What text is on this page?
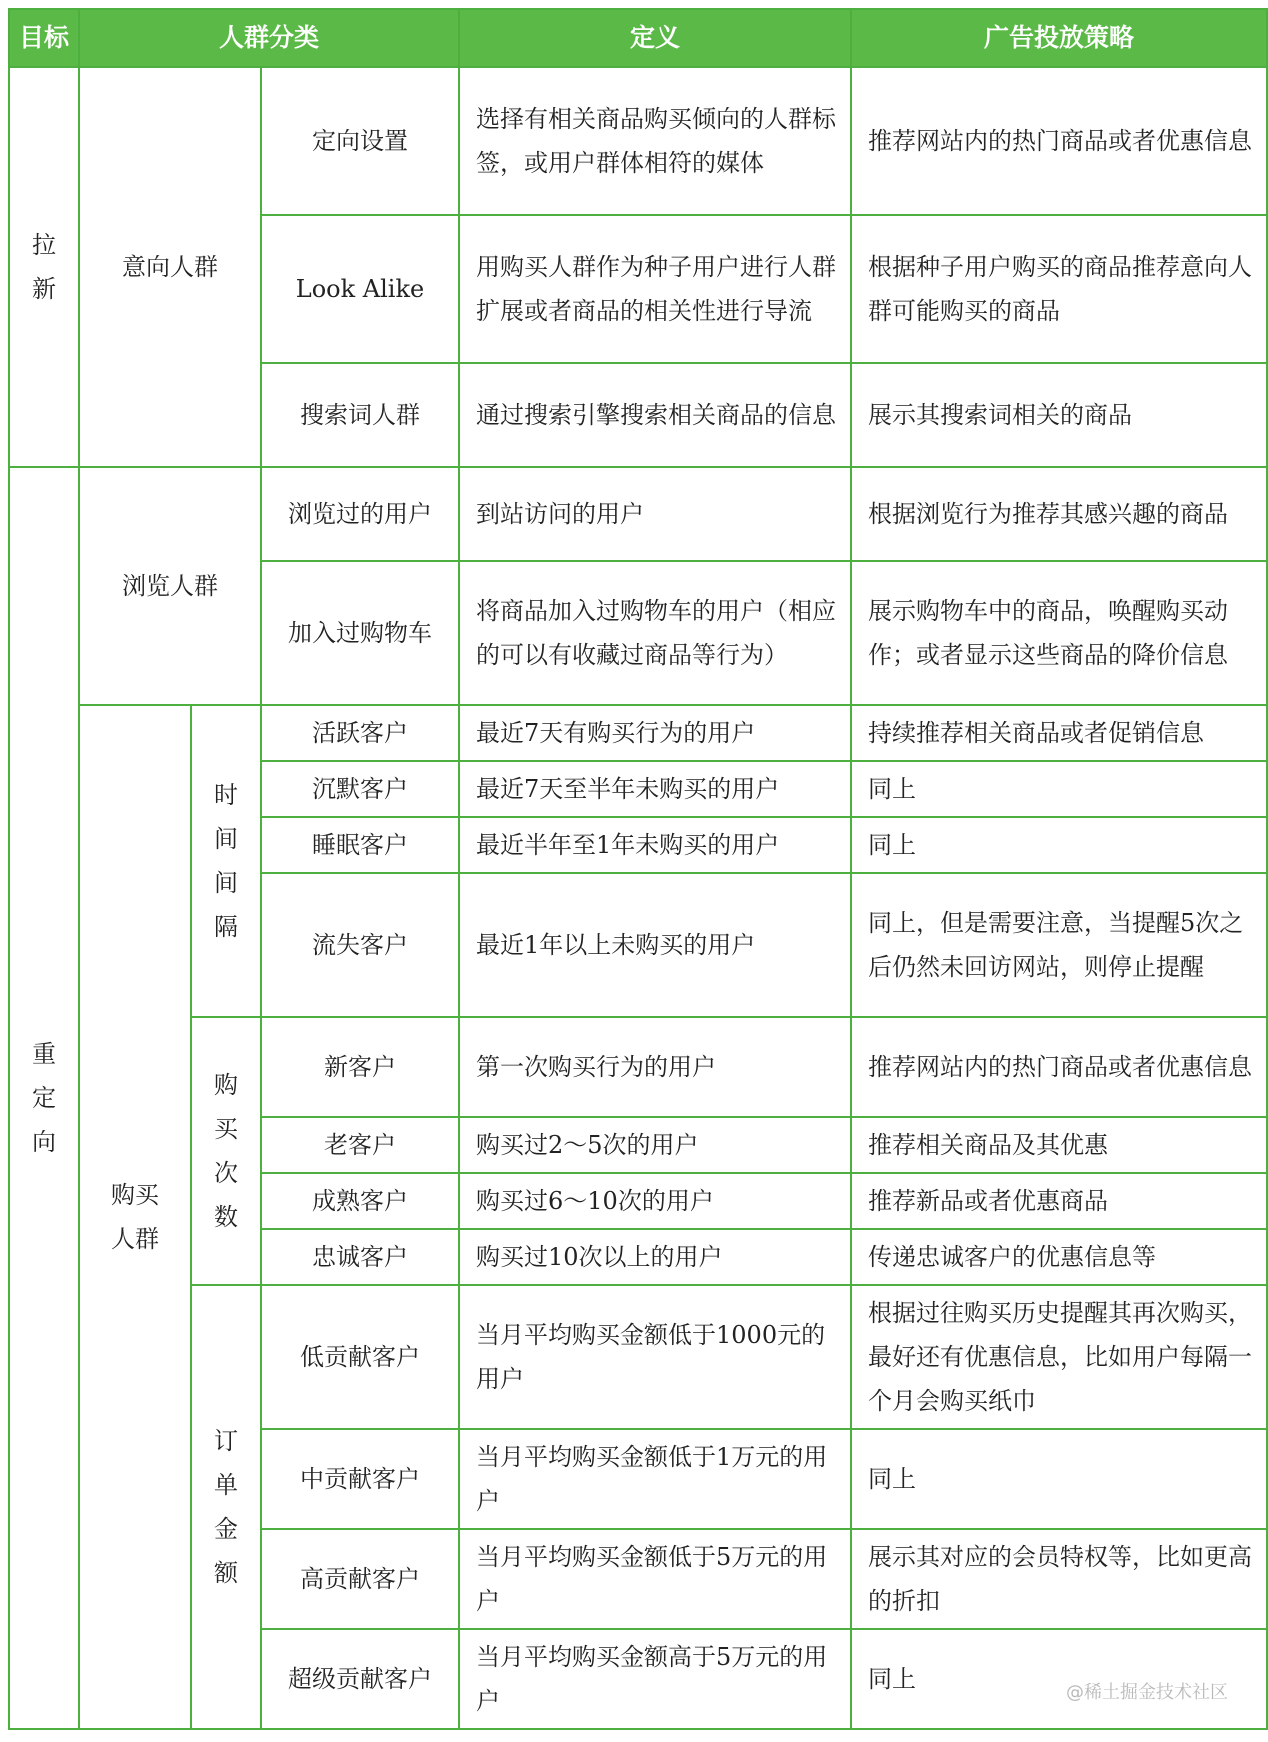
目标	人群分类			定义	广告投放策略
拉新	意向人群		定向设置	选择有相关商品购买倾向的人群标签，或用户群体相符的媒体	推荐网站内的热门商品或者优惠信息
			Look Alike	用购买人群作为种子用户进行人群扩展或者商品的相关性进行导流	根据种子用户购买的商品推荐意向人群可能购买的商品
			搜索词人群	通过搜索引擎搜索相关商品的信息	展示其搜索词相关的商品
重定向	浏览人群		浏览过的用户	到站访问的用户	根据浏览行为推荐其感兴趣的商品
			加入过购物车	将商品加入过购物车的用户（相应的可以有收藏过商品等行为）	展示购物车中的商品，唤醒购买动作；或者显示这些商品的降价信息
	购买人群	时间间隔	活跃客户	最近7天有购买行为的用户	持续推荐相关商品或者促销信息
			沉默客户	最近7天至半年未购买的用户	同上
			睡眠客户	最近半年至1年未购买的用户	同上
			流失客户	最近1年以上未购买的用户	同上，但是需要注意，当提醒5次之后仍然未回访网站，则停止提醒
		购买次数	新客户	第一次购买行为的用户	推荐网站内的热门商品或者优惠信息
			老客户	购买过2～5次的用户	推荐相关商品及其优惠
			成熟客户	购买过6～10次的用户	推荐新品或者优惠商品
			忠诚客户	购买过10次以上的用户	传递忠诚客户的优惠信息等
		订单金额	低贡献客户	当月平均购买金额低于1000元的用户	根据过往购买历史提醒其再次购买，最好还有优惠信息，比如用户每隔一个月会购买纸巾
			中贡献客户	当月平均购买金额低于1万元的用户	同上
			高贡献客户	当月平均购买金额低于5万元的用户	展示其对应的会员特权等，比如更高的折扣
			超级贡献客户	当月平均购买金额高于5万元的用户	同上	@稀土掘金技术社区
